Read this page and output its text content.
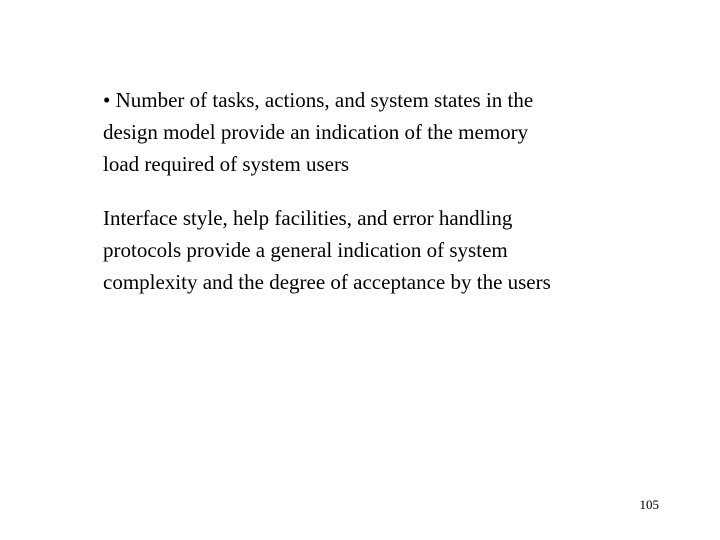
• Number of tasks, actions, and system states in the
design model provide an indication of the memory
load required of system users

Interface style, help facilities, and error handling
protocols provide a general indication of system
complexity and the degree of acceptance by the users

105
